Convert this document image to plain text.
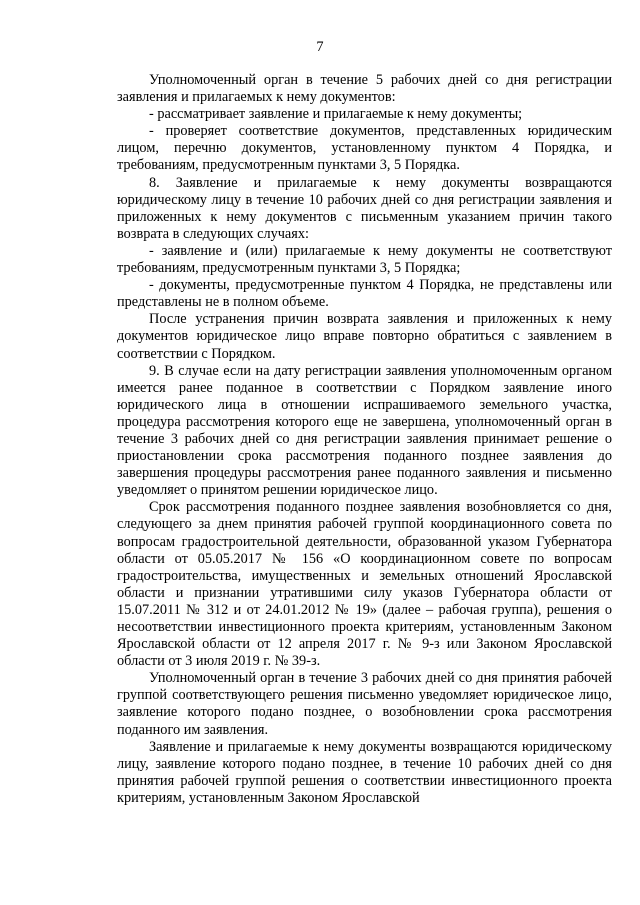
7

Уполномоченный орган в течение 5 рабочих дней со дня регистрации заявления и прилагаемых к нему документов:

- рассматривает заявление и прилагаемые к нему документы;

- проверяет соответствие документов, представленных юридическим лицом, перечню документов, установленному пунктом 4 Порядка, и требованиям, предусмотренным пунктами 3, 5 Порядка.

8. Заявление и прилагаемые к нему документы возвращаются юридическому лицу в течение 10 рабочих дней со дня регистрации заявления и приложенных к нему документов с письменным указанием причин такого возврата в следующих случаях:

- заявление и (или) прилагаемые к нему документы не соответствуют требованиям, предусмотренным пунктами 3, 5 Порядка;

- документы, предусмотренные пунктом 4 Порядка, не представлены или представлены не в полном объеме.

После устранения причин возврата заявления и приложенных к нему документов юридическое лицо вправе повторно обратиться с заявлением в соответствии с Порядком.

9. В случае если на дату регистрации заявления уполномоченным органом имеется ранее поданное в соответствии с Порядком заявление иного юридического лица в отношении испрашиваемого земельного участка, процедура рассмотрения которого еще не завершена, уполномоченный орган в течение 3 рабочих дней со дня регистрации заявления принимает решение о приостановлении срока рассмотрения поданного позднее заявления до завершения процедуры рассмотрения ранее поданного заявления и письменно уведомляет о принятом решении юридическое лицо.

Срок рассмотрения поданного позднее заявления возобновляется со дня, следующего за днем принятия рабочей группой координационного совета по вопросам градостроительной деятельности, образованной указом Губернатора области от 05.05.2017 № 156 «О координационном совете по вопросам градостроительства, имущественных и земельных отношений Ярославской области и признании утратившими силу указов Губернатора области от 15.07.2011 № 312 и от 24.01.2012 № 19» (далее – рабочая группа), решения о несоответствии инвестиционного проекта критериям, установленным Законом Ярославской области от 12 апреля 2017 г. № 9-з или Законом Ярославской области от 3 июля 2019 г. № 39-з.

Уполномоченный орган в течение 3 рабочих дней со дня принятия рабочей группой соответствующего решения письменно уведомляет юридическое лицо, заявление которого подано позднее, о возобновлении срока рассмотрения поданного им заявления.

Заявление и прилагаемые к нему документы возвращаются юридическому лицу, заявление которого подано позднее, в течение 10 рабочих дней со дня принятия рабочей группой решения о соответствии инвестиционного проекта критериям, установленным Законом Ярославской
